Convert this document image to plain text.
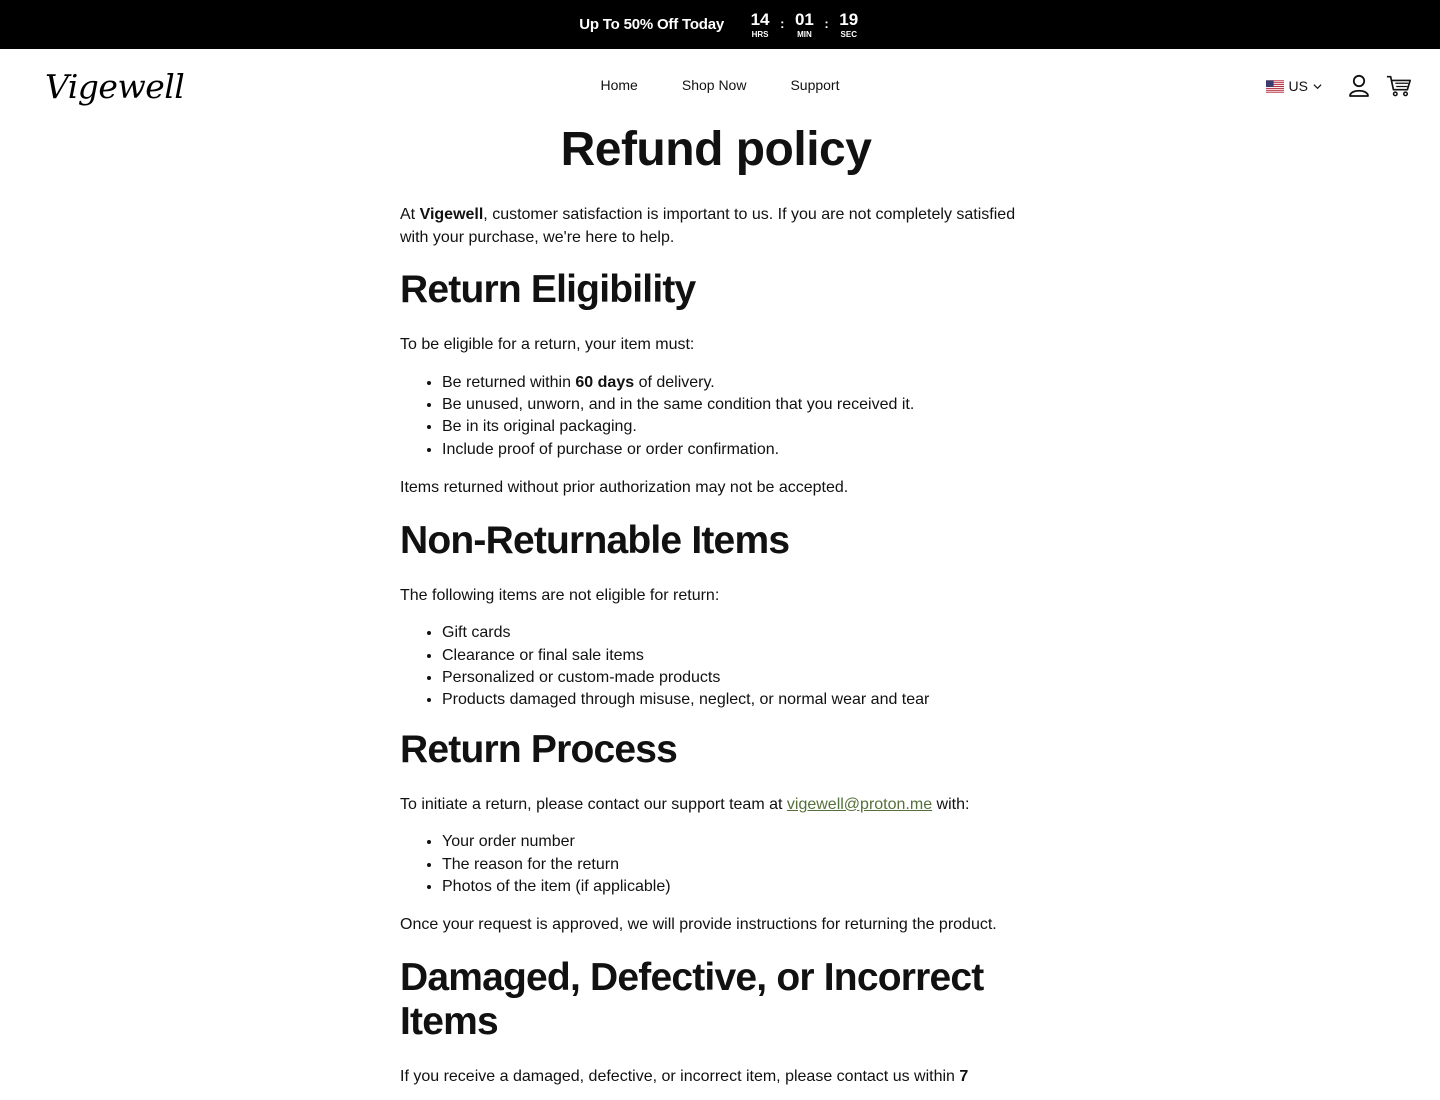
Up To 50% Off Today 14
HRS
: 01
MIN
: 19
SEC
Vigewell	Home	Shop Now	Support	US
Refund policy

At Vigewell, customer satisfaction is important to us. If you are not completely satisfied with your purchase, we're here to help.

Return Eligibility

To be eligible for a return, your item must:

• Be returned within 60 days of delivery.
• Be unused, unworn, and in the same condition that you received it.
• Be in its original packaging.
• Include proof of purchase or order confirmation.

Items returned without prior authorization may not be accepted.

Non-Returnable Items

The following items are not eligible for return:

• Gift cards
• Clearance or final sale items
• Personalized or custom-made products
• Products damaged through misuse, neglect, or normal wear and tear
Return Process

To initiate a return, please contact our support team at vigewell@proton.me with:

• Your order number
• The reason for the return
• Photos of the item (if applicable)

Once your request is approved, we will provide instructions for returning the product.

Damaged, Defective, or Incorrect Items

If you receive a damaged, defective, or incorrect item, please contact us within 7
